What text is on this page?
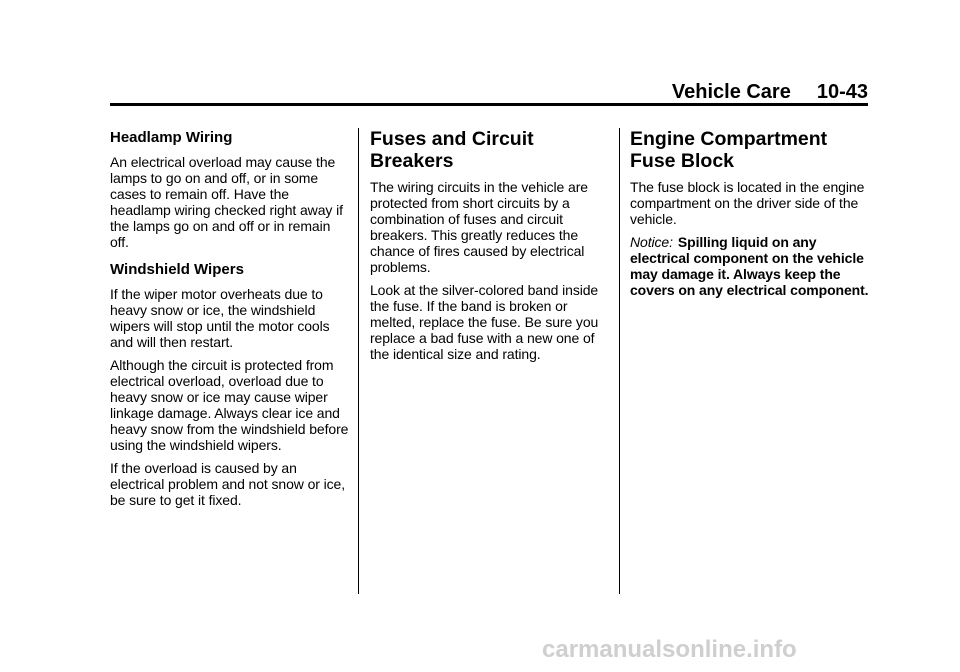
Vehicle Care 10-43
Headlamp Wiring

An electrical overload may cause the lamps to go on and off, or in some cases to remain off. Have the headlamp wiring checked right away if the lamps go on and off or in remain off.

Windshield Wipers

If the wiper motor overheats due to heavy snow or ice, the windshield wipers will stop until the motor cools and will then restart.

Although the circuit is protected from electrical overload, overload due to heavy snow or ice may cause wiper linkage damage. Always clear ice and heavy snow from the windshield before using the windshield wipers.

If the overload is caused by an electrical problem and not snow or ice, be sure to get it fixed.

Fuses and Circuit Breakers

The wiring circuits in the vehicle are protected from short circuits by a combination of fuses and circuit breakers. This greatly reduces the chance of fires caused by electrical problems.

Look at the silver-colored band inside the fuse. If the band is broken or melted, replace the fuse. Be sure you replace a bad fuse with a new one of the identical size and rating.

Engine Compartment Fuse Block

The fuse block is located in the engine compartment on the driver side of the vehicle.

Notice: Spilling liquid on any electrical component on the vehicle may damage it. Always keep the covers on any electrical component.

carmanualsonline.info
